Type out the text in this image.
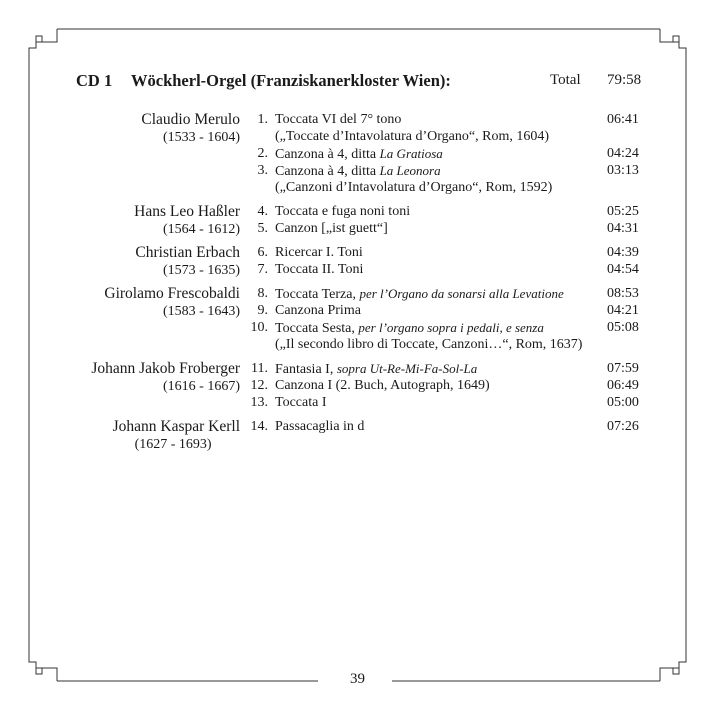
CD 1 Wöckherl-Orgel (Franziskanerkloster Wien):	Total 79:58
Claudio Merulo
(1533 - 1604)
1. Toccata VI del 7° tono	06:41
(„Toccate d’Intavolatura d’Organo“, Rom, 1604)
2. Canzona à 4, ditta La Gratiosa	04:24
3. Canzona à 4, ditta La Leonora	03:13
(„Canzoni d’Intavolatura d’Organo“, Rom, 1592)
Hans Leo Haßler
(1564 - 1612)
4. Toccata e fuga noni toni	05:25
5. Canzon [„ist guett“]	04:31
Christian Erbach
(1573 - 1635)
6. Ricercar I. Toni	04:39
7. Toccata II. Toni	04:54
Girolamo Frescobaldi
(1583 - 1643)
8. Toccata Terza, per l’Organo da sonarsi alla Levatione	08:53
9. Canzona Prima	04:21
10. Toccata Sesta, per l’organo sopra i pedali, e senza	05:08
(„Il secondo libro di Toccate, Canzoni…“, Rom, 1637)
Johann Jakob Froberger
(1616 - 1667)
11. Fantasia I, sopra Ut-Re-Mi-Fa-Sol-La	07:59
12. Canzona I (2. Buch, Autograph, 1649)	06:49
13. Toccata I	05:00
Johann Kaspar Kerll
(1627 - 1693)
14. Passacaglia in d	07:26
39
